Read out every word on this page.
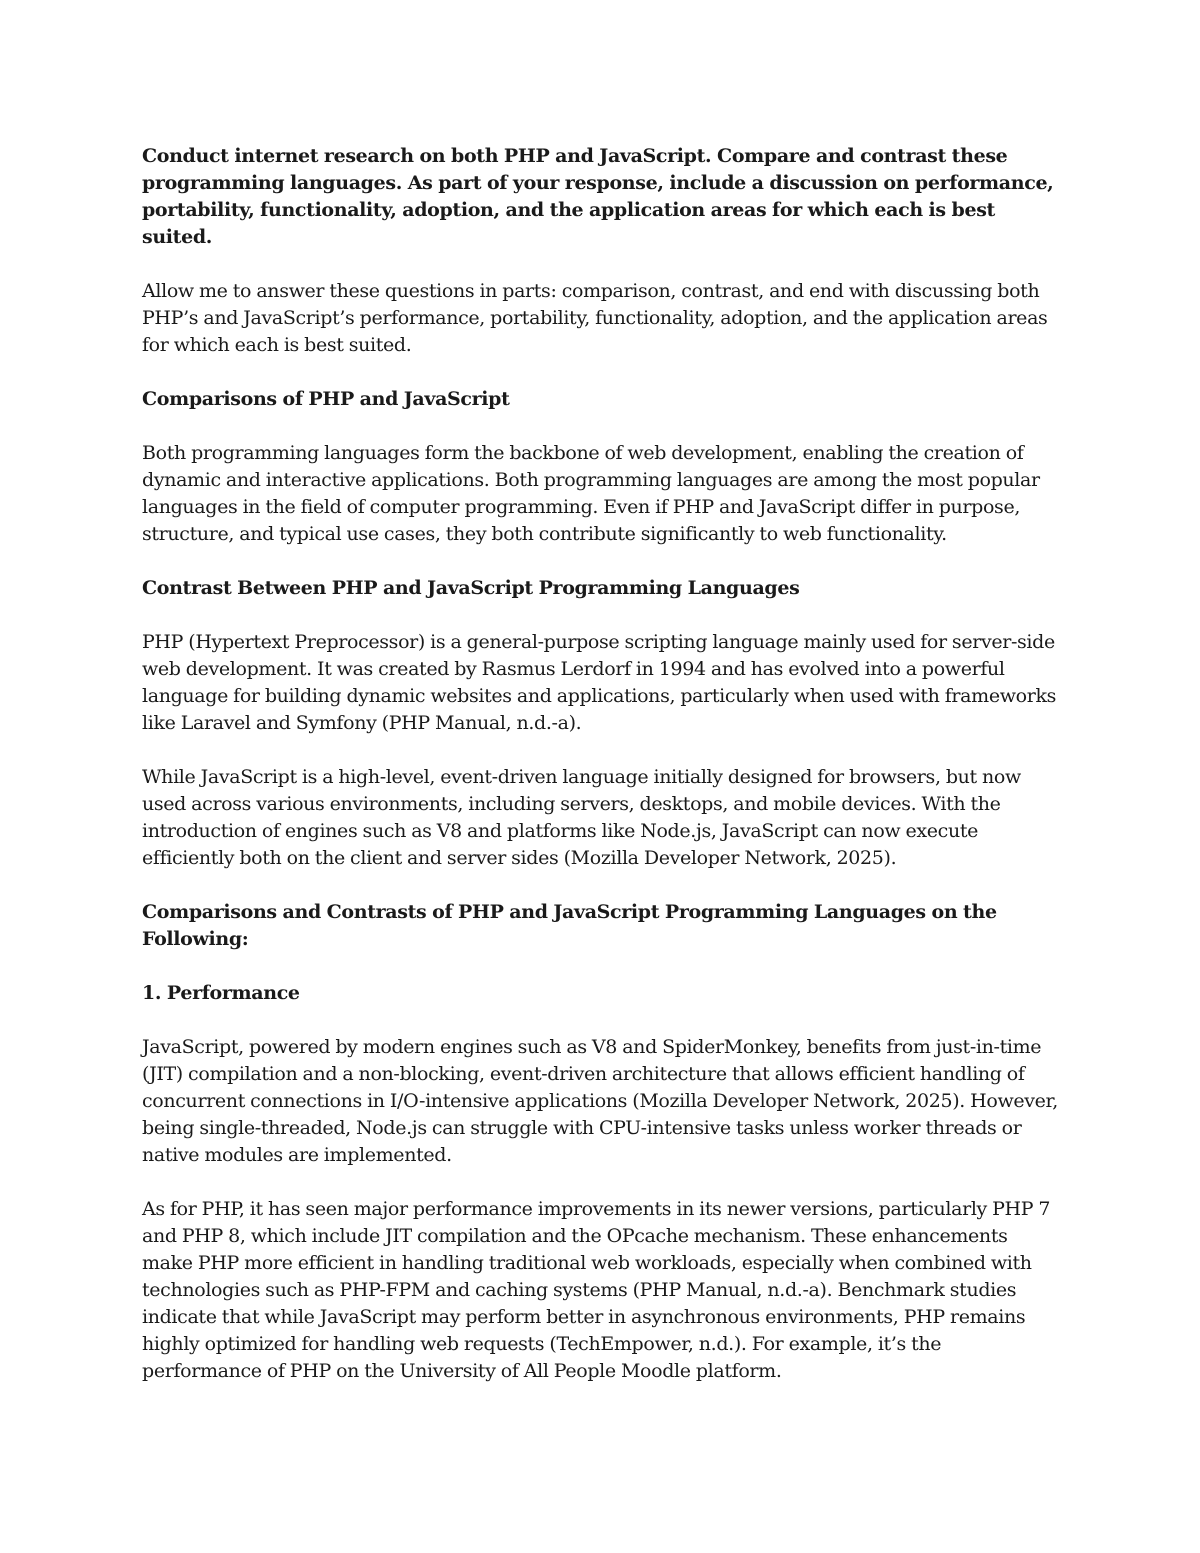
Conduct internet research on both PHP and JavaScript. Compare and contrast these programming languages. As part of your response, include a discussion on performance, portability, functionality, adoption, and the application areas for which each is best suited.

Allow me to answer these questions in parts: comparison, contrast, and end with discussing both PHP’s and JavaScript’s performance, portability, functionality, adoption, and the application areas for which each is best suited.

Comparisons of PHP and JavaScript

Both programming languages form the backbone of web development, enabling the creation of dynamic and interactive applications. Both programming languages are among the most popular languages in the field of computer programming. Even if PHP and JavaScript differ in purpose, structure, and typical use cases, they both contribute significantly to web functionality.

Contrast Between PHP and JavaScript Programming Languages

PHP (Hypertext Preprocessor) is a general-purpose scripting language mainly used for server-side web development. It was created by Rasmus Lerdorf in 1994 and has evolved into a powerful language for building dynamic websites and applications, particularly when used with frameworks like Laravel and Symfony (PHP Manual, n.d.-a).

While JavaScript is a high-level, event-driven language initially designed for browsers, but now used across various environments, including servers, desktops, and mobile devices. With the introduction of engines such as V8 and platforms like Node.js, JavaScript can now execute efficiently both on the client and server sides (Mozilla Developer Network, 2025).

Comparisons and Contrasts of PHP and JavaScript Programming Languages on the Following:

1. Performance

JavaScript, powered by modern engines such as V8 and SpiderMonkey, benefits from just-in-time (JIT) compilation and a non-blocking, event-driven architecture that allows efficient handling of concurrent connections in I/O-intensive applications (Mozilla Developer Network, 2025). However, being single-threaded, Node.js can struggle with CPU-intensive tasks unless worker threads or native modules are implemented.

As for PHP, it has seen major performance improvements in its newer versions, particularly PHP 7 and PHP 8, which include JIT compilation and the OPcache mechanism. These enhancements make PHP more efficient in handling traditional web workloads, especially when combined with technologies such as PHP-FPM and caching systems (PHP Manual, n.d.-a). Benchmark studies indicate that while JavaScript may perform better in asynchronous environments, PHP remains highly optimized for handling web requests (TechEmpower, n.d.). For example, it’s the performance of PHP on the University of All People Moodle platform.
